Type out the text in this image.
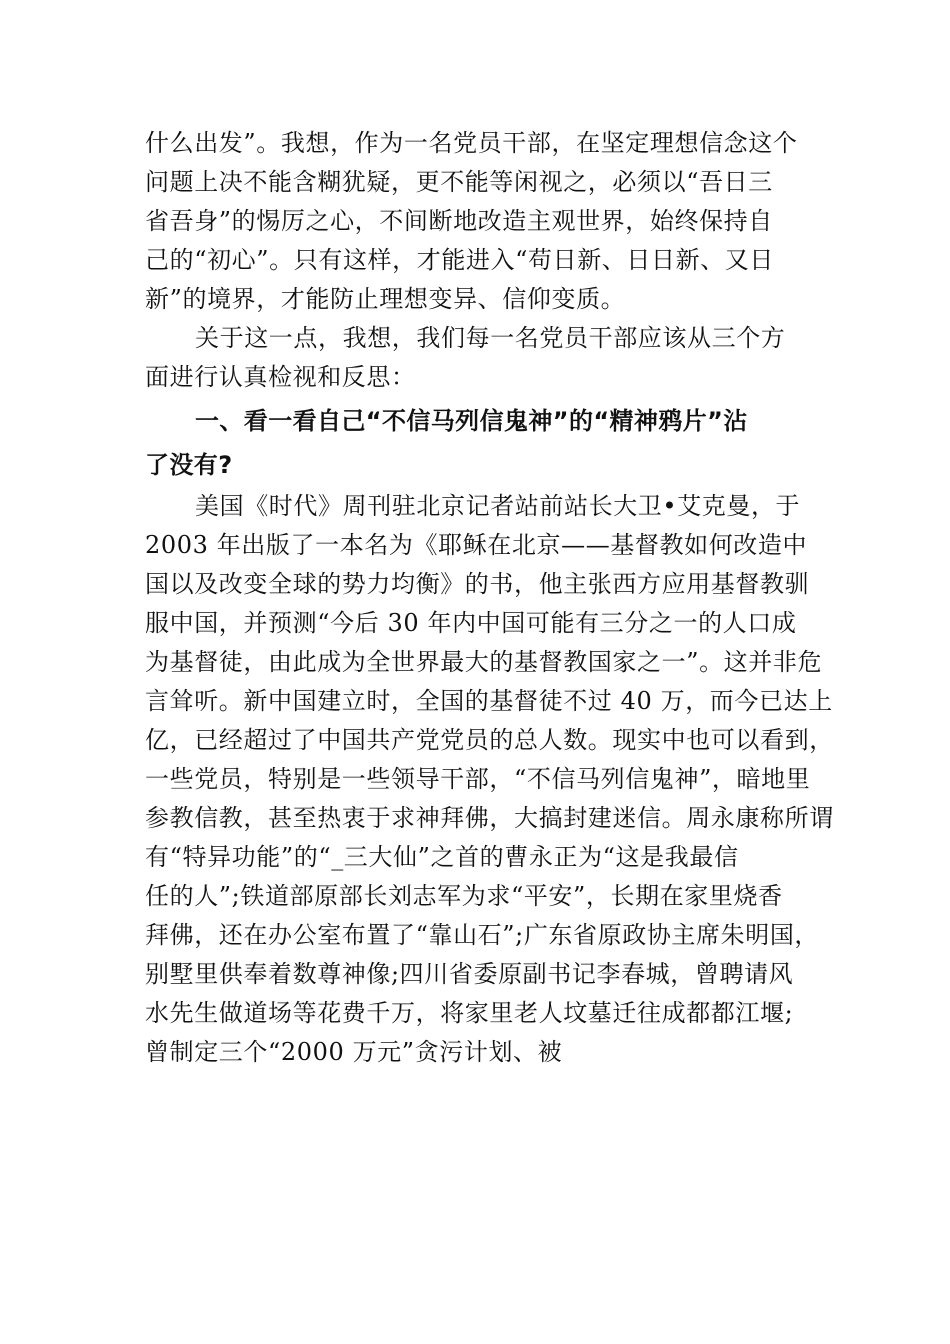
什么出发”。我想，作为一名党员干部，在坚定理想信念这个
问题上决不能含糊犹疑，更不能等闲视之，必须以“吾日三
省吾身”的惕厉之心，不间断地改造主观世界，始终保持自
己的“初心”。只有这样，才能进入“苟日新、日日新、又日
新”的境界，才能防止理想变异、信仰变质。
关于这一点，我想，我们每一名党员干部应该从三个方
面进行认真检视和反思：
一、看一看自己“不信马列信鬼神”的“精神鸦片”沾
了没有?
美国《时代》周刊驻北京记者站前站长大卫•艾克曼，于
2003 年出版了一本名为《耶稣在北京——基督教如何改造中
国以及改变全球的势力均衡》的书，他主张西方应用基督教驯
服中国，并预测“今后 30 年内中国可能有三分之一的人口成
为基督徒，由此成为全世界最大的基督教国家之一”。这并非危
言耸听。新中国建立时，全国的基督徒不过 40 万，而今已达上
亿，已经超过了中国共产党党员的总人数。现实中也可以看到，
一些党员，特别是一些领导干部，“不信马列信鬼神”，暗地里
参教信教，甚至热衷于求神拜佛，大搞封建迷信。周永康称所谓
有“特异功能”的“_三大仙”之首的曹永正为“这是我最信
任的人”;铁道部原部长刘志军为求“平安”，长期在家里烧香
拜佛，还在办公室布置了“靠山石”;广东省原政协主席朱明国，
别墅里供奉着数尊神像;四川省委原副书记李春城，曾聘请风
水先生做道场等花费千万，将家里老人坟墓迁往成都都江堰;
曾制定三个“2000 万元”贪污计划、被
